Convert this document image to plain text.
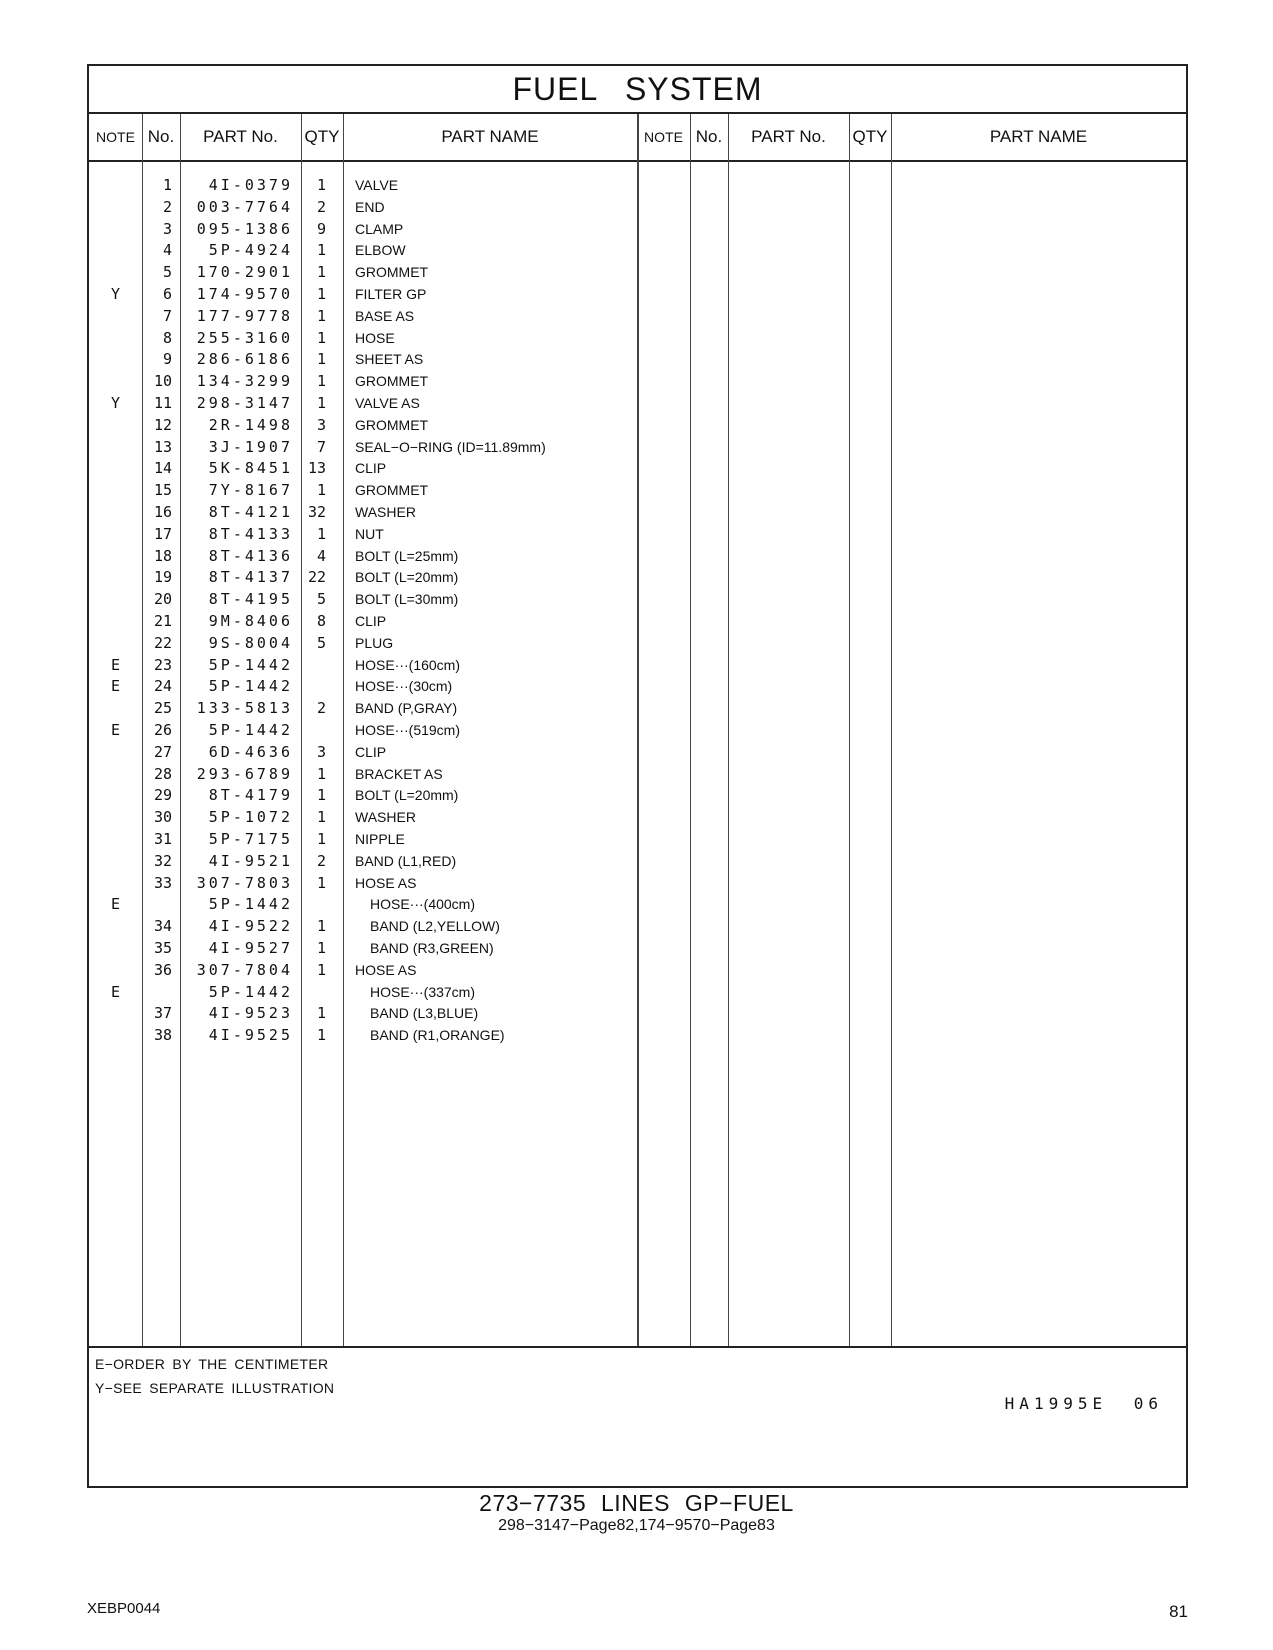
FUEL SYSTEM
NOTE No.	PART No.	QTY	PART NAME	NOTE No.	PART No.	QTY	PART NAME
1	4I-0379	1 VALVE
2	003-7764	2 END
3	095-1386	9 CLAMP
4	5P-4924	1 ELBOW
5	170-2901	1 GROMMET
Y	6	174-9570	1 FILTER GP
7	177-9778	1 BASE AS
8	255-3160	1 HOSE
9	286-6186	1 SHEET AS
10	134-3299	1 GROMMET
Y	11	298-3147	1 VALVE AS
12	2R-1498	3 GROMMET
13	3J-1907	7 SEAL−O−RING (ID=11.89mm)
14	5K-8451 13 CLIP
15	7Y-8167	1 GROMMET
16	8T-4121 32 WASHER
17	8T-4133	1 NUT
18	8T-4136	4 BOLT (L=25mm)
19	8T-4137 22 BOLT (L=20mm)
20	8T-4195	5 BOLT (L=30mm)
21	9M-8406	8 CLIP
22	9S-8004	5 PLUG
E	23	5P-1442	HOSE···(160cm)
E	24	5P-1442	HOSE···(30cm)
25	133-5813	2 BAND (P,GRAY)
E	26	5P-1442	HOSE···(519cm)
27	6D-4636	3 CLIP
28	293-6789	1 BRACKET AS
29	8T-4179	1 BOLT (L=20mm)
30	5P-1072	1 WASHER
31	5P-7175	1 NIPPLE
32	4I-9521	2 BAND (L1,RED)
33	307-7803	1 HOSE AS
E	5P-1442	HOSE···(400cm)
34	4I-9522	1	BAND (L2,YELLOW)
35	4I-9527	1	BAND (R3,GREEN)
36	307-7804	1 HOSE AS
E	5P-1442	HOSE···(337cm)
37	4I-9523	1	BAND (L3,BLUE)
38	4I-9525	1	BAND (R1,ORANGE)
E−ORDER BY THE CENTIMETER
Y−SEE SEPARATE ILLUSTRATION
HA1995E 06
273−7735 LINES GP−FUEL
298−3147−Page82,174−9570−Page83
XEBP0044	81
